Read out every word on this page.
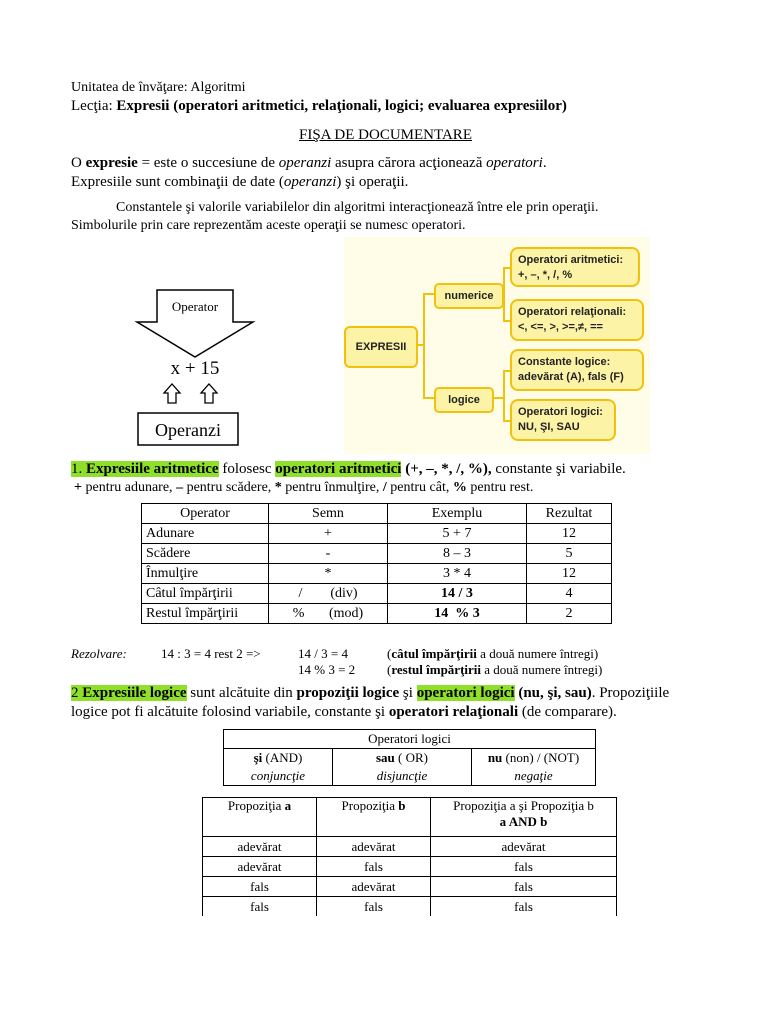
Unitatea de învăţare: Algoritmi
Lecţia: Expresii (operatori aritmetici, relaţionali, logici; evaluarea expresiilor)
FIŞA DE DOCUMENTARE
O expresie = este o succesiune de operanzi asupra cărora acţionează operatori.
Expresiile sunt combinaţii de date (operanzi) şi operaţii.
Constantele şi valorile variabilelor din algoritmi interacţionează între ele prin operaţii.
Simbolurile prin care reprezentăm aceste operaţii se numesc operatori.
Operator
x + 15
Operanzi
EXPRESII
numerice
logice
Operatori aritmetici:
+, –, *, /, %
Operatori relaţionali:
<, <=, >, >=,≠, ==
Constante logice:
adevărat (A), fals (F)
Operatori logici:
NU, ŞI, SAU
1. Expresiile aritmetice folosesc operatori aritmetici (+, –, *, /, %), constante şi variabile.
+ pentru adunare, – pentru scădere, * pentru înmulţire, / pentru cât, % pentru rest.
Operator	Semn	Exemplu	Rezultat
Adunare	+	5 + 7	12
Scădere	-	8 – 3	5
Înmulţire	*	3 * 4	12
Câtul împărţirii	/        (div)	14 / 3	4
Restul împărţirii	%       (mod)	14  % 3	2
Rezolvare:	14 : 3 = 4 rest 2 =>	14 / 3 = 4	(câtul împărţirii a două numere întregi)
14 % 3 = 2 (restul împărţirii a două numere întregi)
2 Expresiile logice sunt alcătuite din propoziţii logice şi operatori logici (nu, şi, sau). Propoziţiile
logice pot fi alcătuite folosind variabile, constante şi operatori relaţionali (de comparare).
Operatori logici		
şi (AND)	sau ( OR)	nu (non) / (NOT)
conjuncţie	disjuncţie	negaţie
Propoziţia a	Propoziţia b	Propoziţia a şi Propoziţia b
a AND b
adevărat	adevărat	adevărat
adevărat	fals	fals
fals	adevărat	fals
fals	fals	fals
